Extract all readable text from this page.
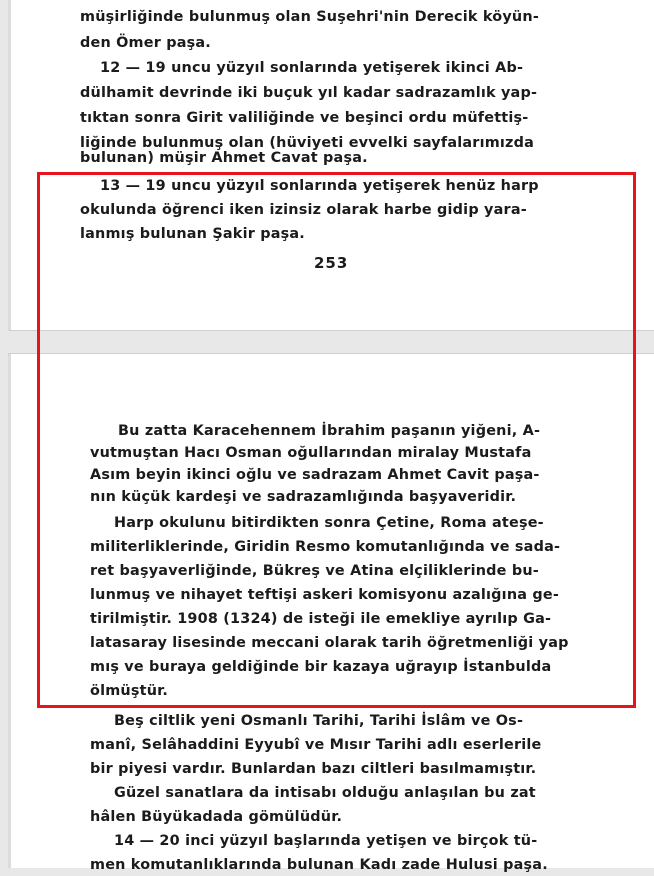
müşirliğinde bulunmuş olan Suşehri'nin Derecik köyün-
den Ömer paşa.
12 — 19 uncu yüzyıl sonlarında yetişerek ikinci Ab-
dülhamit devrinde iki buçuk yıl kadar sadrazamlık yap-
tıktan sonra Girit valiliğinde ve beşinci ordu müfettiş-
liğinde bulunmuş olan (hüviyeti evvelki sayfalarımızda
bulunan) müşir Ahmet Cavat paşa.
13 — 19 uncu yüzyıl sonlarında yetişerek henüz harp
okulunda öğrenci iken izinsiz olarak harbe gidip yara-
lanmış bulunan Şakir paşa.
253
Bu zatta Karacehennem İbrahim paşanın yiğeni, A-
vutmuştan Hacı Osman oğullarından miralay Mustafa
Asım beyin ikinci oğlu ve sadrazam Ahmet Cavit paşa-
nın küçük kardeşi ve sadrazamlığında başyaveridir.
Harp okulunu bitirdikten sonra Çetine, Roma ateşe-
militerliklerinde, Giridin Resmo komutanlığında ve sada-
ret başyaverliğinde, Bükreş ve Atina elçiliklerinde bu-
lunmuş ve nihayet teftişi askeri komisyonu azalığına ge-
tirilmiştir. 1908 (1324) de isteği ile emekliye ayrılıp Ga-
latasaray lisesinde meccani olarak tarih öğretmenliği yap
mış ve buraya geldiğinde bir kazaya uğrayıp İstanbulda
ölmüştür.
Beş ciltlik yeni Osmanlı Tarihi, Tarihi İslâm ve Os-
manî, Selâhaddini Eyyubî ve Mısır Tarihi adlı eserlerile
bir piyesi vardır. Bunlardan bazı ciltleri basılmamıştır.
Güzel sanatlara da intisabı olduğu anlaşılan bu zat
hâlen Büyükadada gömülüdür.
14 — 20 inci yüzyıl başlarında yetişen ve birçok tü-
men komutanlıklarında bulunan Kadı zade Hulusi paşa.
